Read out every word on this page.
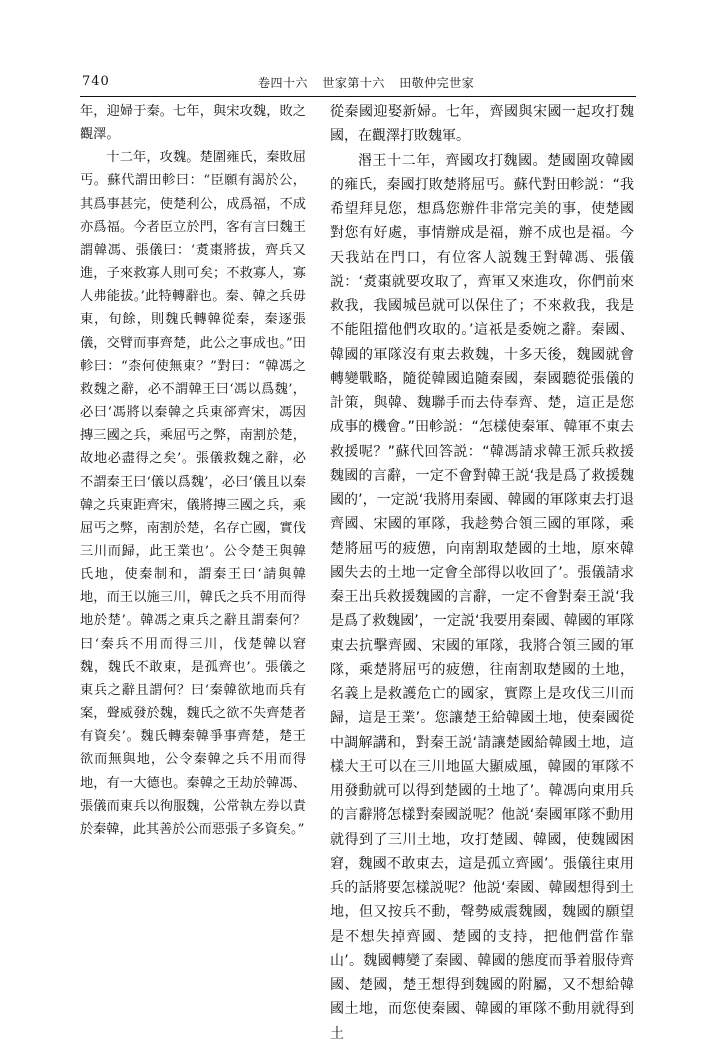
740	卷四十六 世家第十六 田敬仲完世家

年，迎婦于秦。七年，與宋攻魏，敗之觀澤。

十二年，攻魏。楚圍雍氏，秦敗屈丐。蘇代謂田軫曰：“臣願有謁於公，其爲事甚完，使楚利公，成爲福，不成亦爲福。今者臣立於門，客有言曰魏王謂韓馮、張儀曰：‘煑棗將拔，齊兵又進，子來救寡人則可矣；不救寡人，寡人弗能拔。’此特轉辭也。秦、韓之兵毋東，旬餘，則魏氏轉韓從秦，秦逐張儀，交臂而事齊楚，此公之事成也。”田軫曰：“柰何使無東？”對曰：“韓馮之救魏之辭，必不謂韓王曰‘馮以爲魏’，必曰‘馮將以秦韓之兵東郤齊宋，馮因摶三國之兵，乘屈丐之弊，南割於楚，故地必盡得之矣’。張儀救魏之辭，必不謂秦王曰‘儀以爲魏’，必曰‘儀且以秦韓之兵東距齊宋，儀將摶三國之兵，乘屈丐之弊，南割於楚，名存亡國，實伐三川而歸，此王業也’。公令楚王與韓氏地，使秦制和，謂秦王曰‘請與韓地，而王以施三川，韓氏之兵不用而得地於楚’。韓馮之東兵之辭且謂秦何？曰‘秦兵不用而得三川，伐楚韓以窘魏，魏氏不敢東，是孤齊也’。張儀之東兵之辭且謂何？曰‘秦韓欲地而兵有案，聲威發於魏，魏氏之欲不失齊楚者有資矣’。魏氏轉秦韓爭事齊楚，楚王欲而無與地，公令秦韓之兵不用而得地，有一大德也。秦韓之王劫於韓馮、張儀而東兵以徇服魏，公常執左券以責於秦韓，此其善於公而惡張子多資矣。”

從秦國迎娶新婦。七年，齊國與宋國一起攻打魏國，在觀澤打敗魏軍。

湣王十二年，齊國攻打魏國。楚國圍攻韓國的雍氏，秦國打敗楚將屈丐。蘇代對田軫説：“我希望拜見您，想爲您辦件非常完美的事，使楚國對您有好處，事情辦成是福，辦不成也是福。今天我站在門口，有位客人説魏王對韓馮、張儀説：‘煑棗就要攻取了，齊軍又來進攻，你們前來救我，我國城邑就可以保住了；不來救我，我是不能阻擋他們攻取的。’這祇是委婉之辭。秦國、韓國的軍隊沒有東去救魏，十多天後，魏國就會轉變戰略，隨從韓國追隨秦國，秦國聽從張儀的計策，與韓、魏聯手而去侍奉齊、楚，這正是您成事的機會。”田軫説：“怎樣使秦軍、韓軍不東去救援呢？”蘇代回答説：“韓馮請求韓王派兵救援魏國的言辭，一定不會對韓王説‘我是爲了救援魏國的’，一定説‘我將用秦國、韓國的軍隊東去打退齊國、宋國的軍隊，我趁勢合領三國的軍隊，乘楚將屈丐的疲憊，向南割取楚國的土地，原來韓國失去的土地一定會全部得以收回了’。張儀請求秦王出兵救援魏國的言辭，一定不會對秦王説‘我是爲了救魏國’，一定説‘我要用秦國、韓國的軍隊東去抗擊齊國、宋國的軍隊，我將合領三國的軍隊，乘楚將屈丐的疲憊，往南割取楚國的土地，名義上是救護危亡的國家，實際上是攻伐三川而歸，這是王業’。您讓楚王給韓國土地，使秦國從中調解講和，對秦王説‘請讓楚國給韓國土地，這樣大王可以在三川地區大顯威風，韓國的軍隊不用發動就可以得到楚國的土地了’。韓馮向東用兵的言辭將怎樣對秦國説呢？他説‘秦國軍隊不動用就得到了三川土地，攻打楚國、韓國，使魏國困窘，魏國不敢東去，這是孤立齊國’。張儀往東用兵的話將要怎樣説呢？他説‘秦國、韓國想得到土地，但又按兵不動，聲勢威震魏國，魏國的願望是不想失掉齊國、楚國的支持，把他們當作靠山’。魏國轉變了秦國、韓國的態度而爭着服侍齊國、楚國，楚王想得到魏國的附屬，又不想給韓國土地，而您使秦國、韓國的軍隊不動用就得到土
